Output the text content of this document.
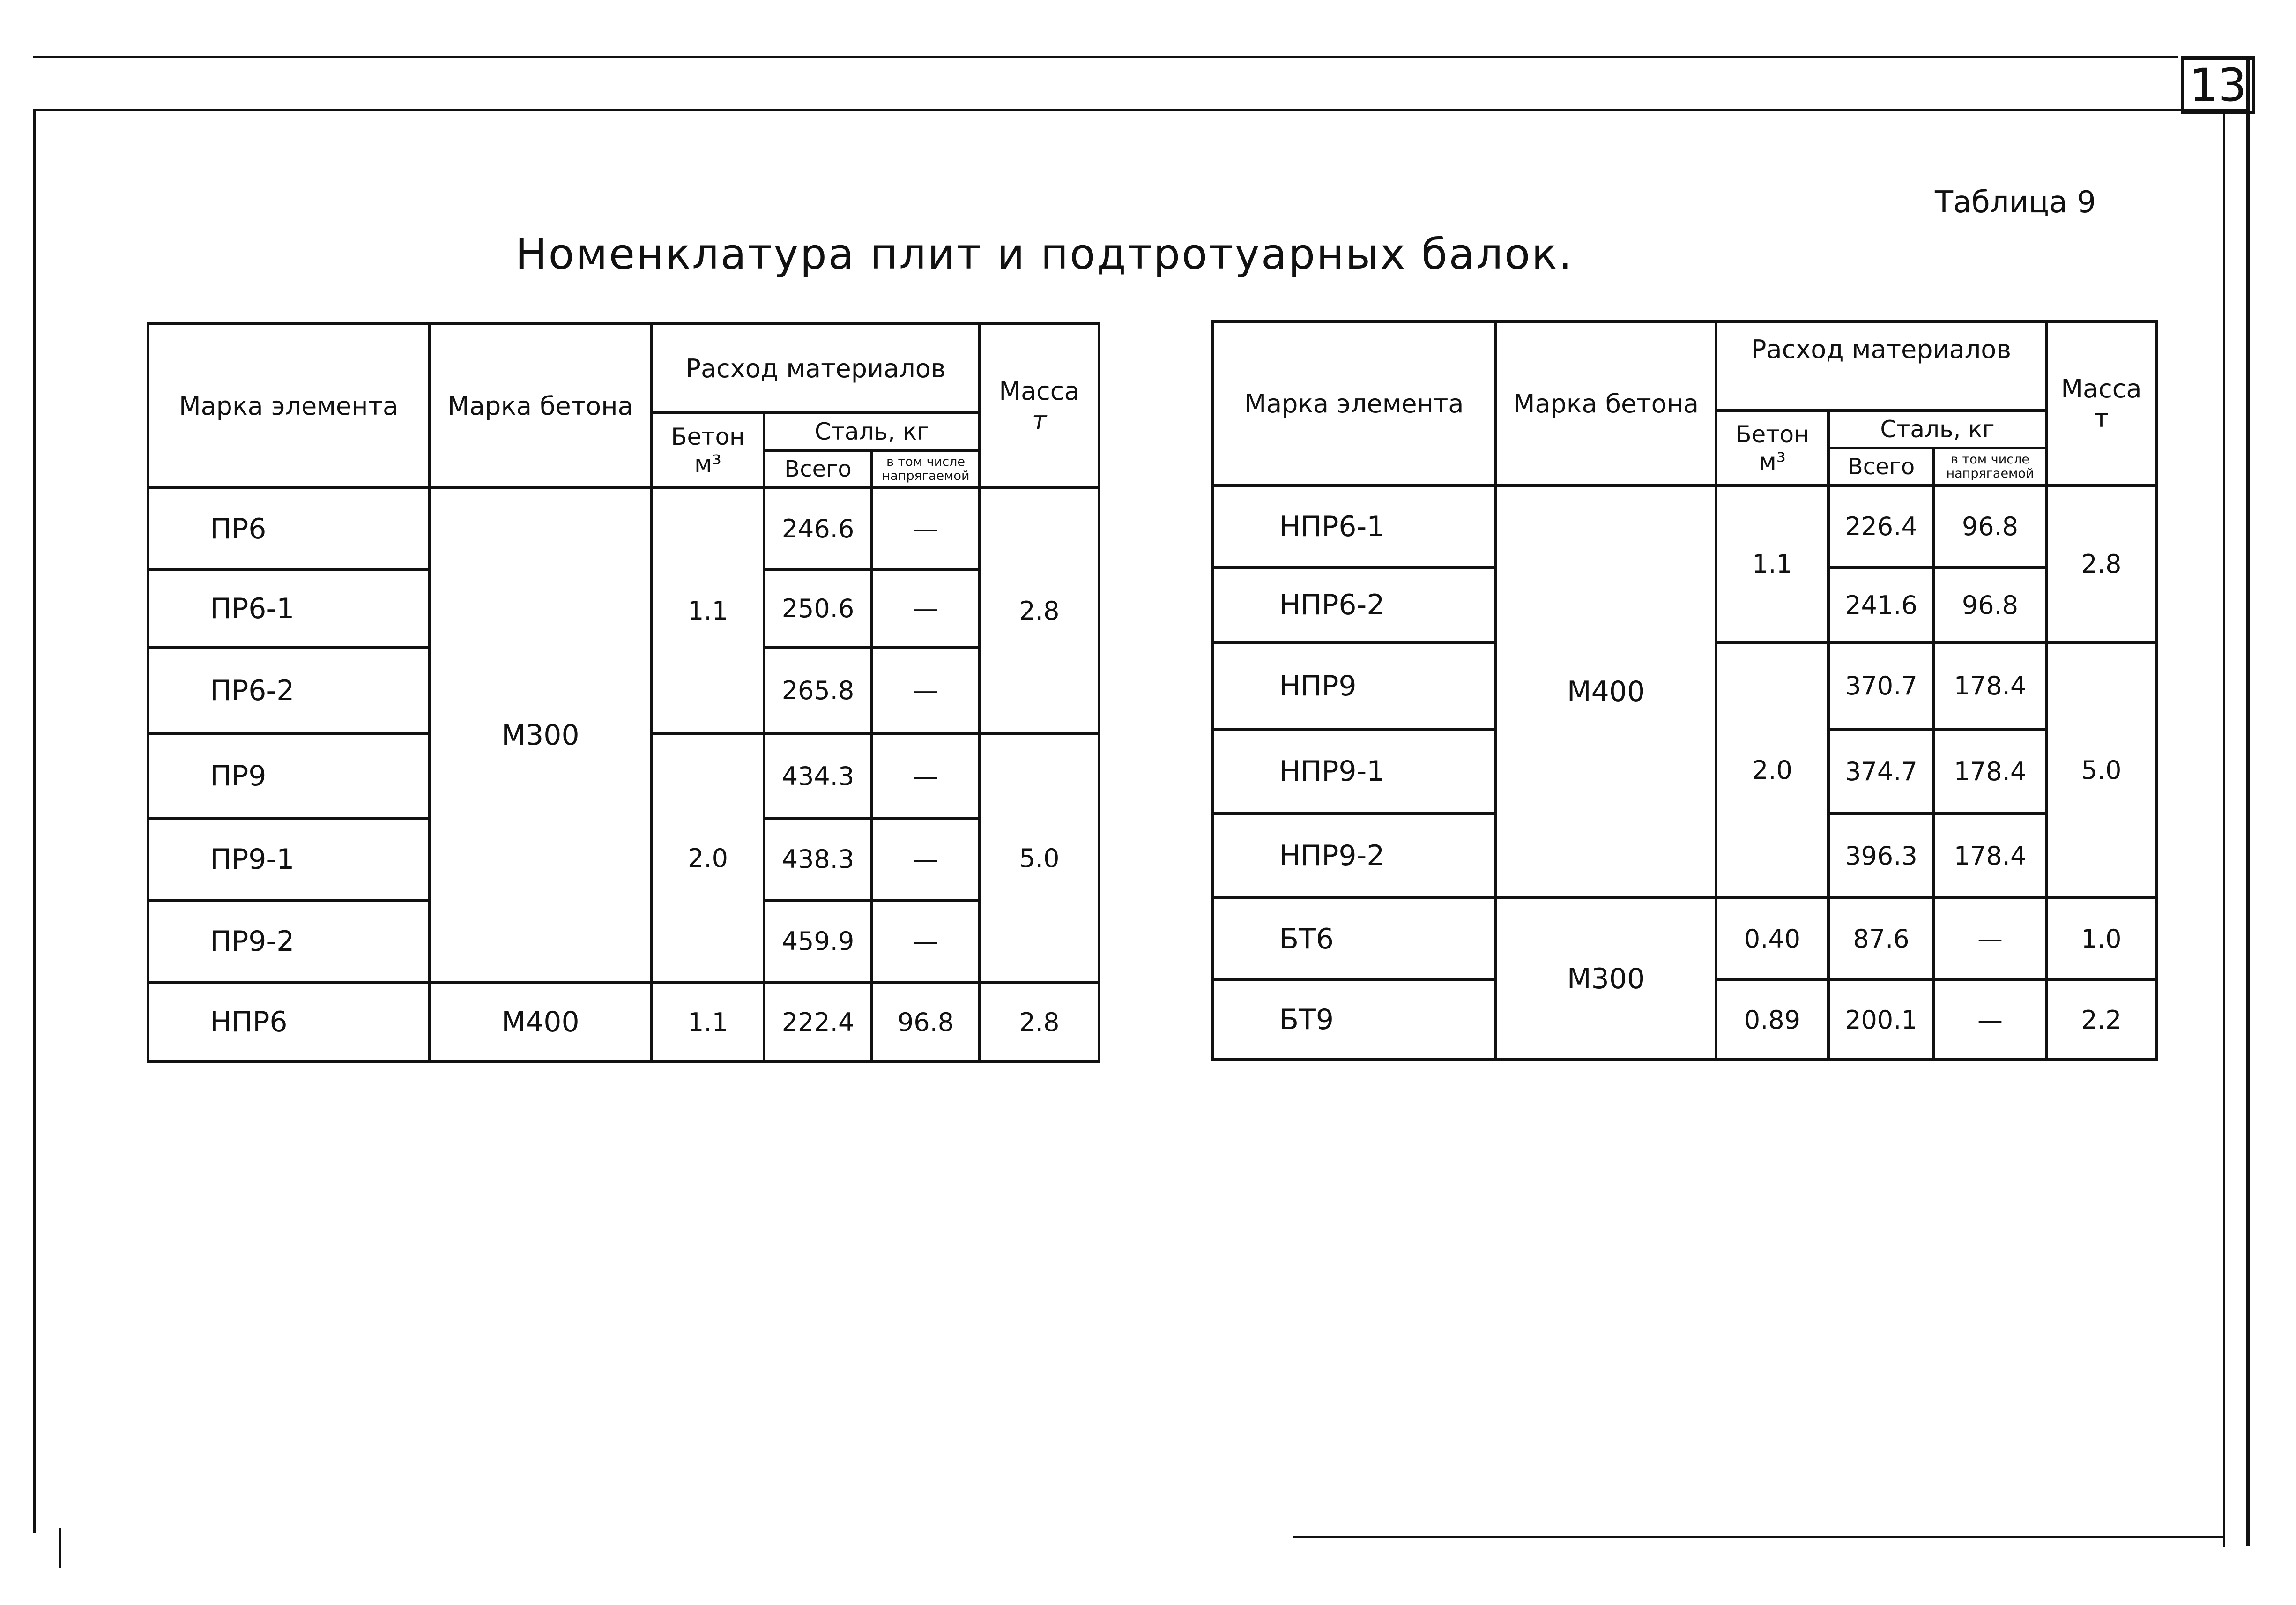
13
Таблица 9
Номенклатура плит и подтротуарных балок.
Марка элемента	Марка бетона	Расход материалов			Масса
т

		Бетон
м³	Сталь, кг		
			Всего	в том числе напрягаемой	
ПР6	М300	1.1	246.6	—	2.8
ПР6-1			250.6	—	
ПР6-2			265.8	—	
ПР9		2.0	434.3	—	5.0
ПР9-1			438.3	—	
ПР9-2			459.9	—	
НПР6	М400	1.1	222.4	96.8	2.8
Марка элемента	Марка бетона	Расход материалов			Масса
т

		Бетон
м³	Сталь, кг		
			Всего	в том числе напрягаемой	
НПР6-1	М400	1.1	226.4	96.8	2.8
НПР6-2			241.6	96.8	
НПР9		2.0	370.7	178.4	5.0
НПР9-1			374.7	178.4	
НПР9-2			396.3	178.4	
БТ6	М300	0.40	87.6	—	1.0
БТ9		0.89	200.1	—	2.2
